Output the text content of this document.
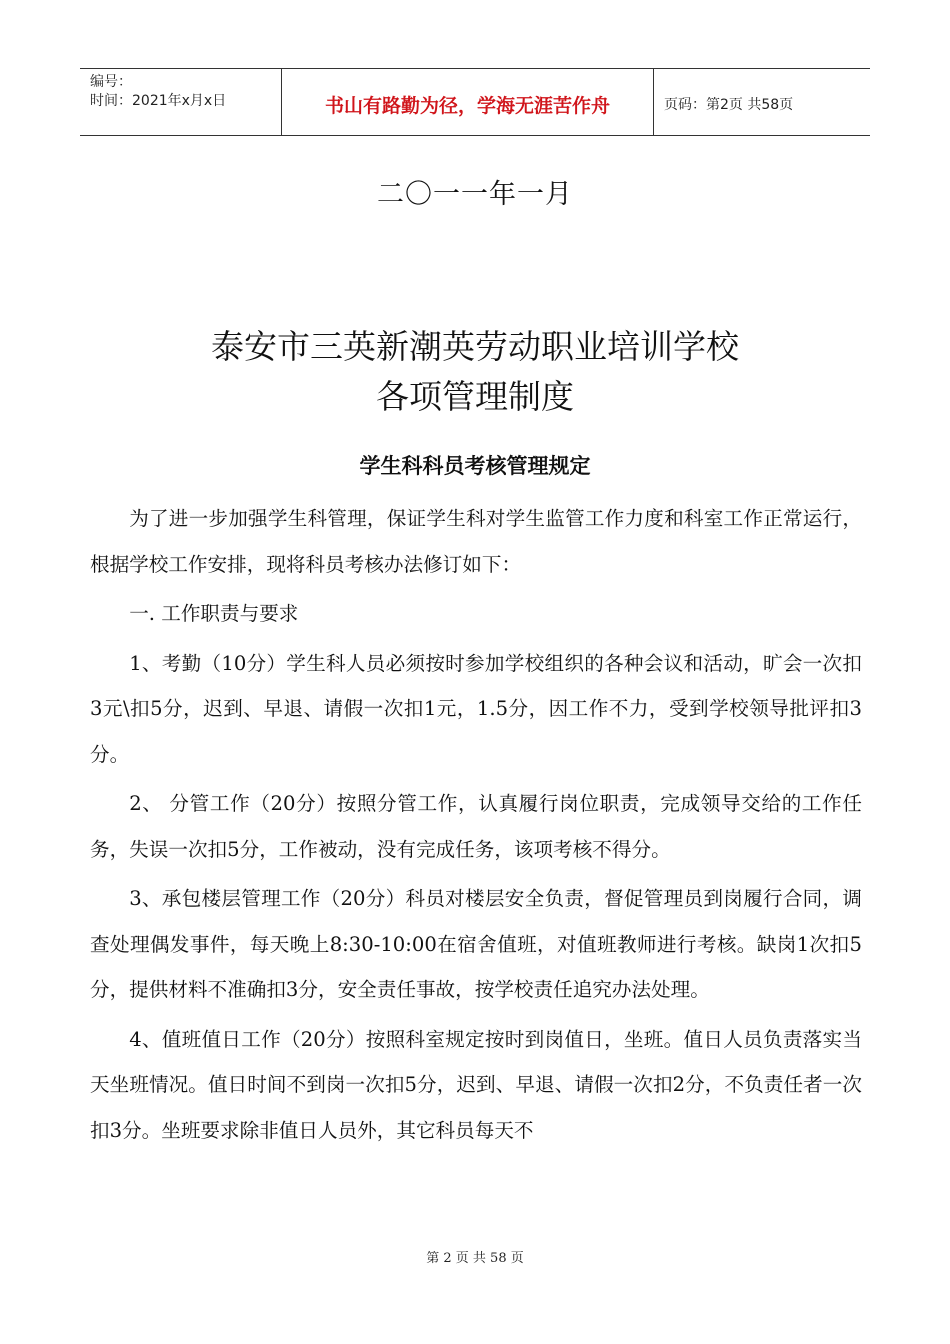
编号：
时间：2021年x月x日	书山有路勤为径，学海无涯苦作舟	页码：第2页 共58页
二〇一一年一月
泰安市三英新潮英劳动职业培训学校
各项管理制度
学生科科员考核管理规定

为了进一步加强学生科管理，保证学生科对学生监管工作力度和科室工作正常运行，根据学校工作安排，现将科员考核办法修订如下：

一. 工作职责与要求

1、考勤（10分）学生科人员必须按时参加学校组织的各种会议和活动，旷会一次扣3元\扣5分，迟到、早退、请假一次扣1元，1.5分，因工作不力，受到学校领导批评扣3分。

2、 分管工作（20分）按照分管工作，认真履行岗位职责，完成领导交给的工作任务，失误一次扣5分，工作被动，没有完成任务，该项考核不得分。

3、承包楼层管理工作（20分）科员对楼层安全负责，督促管理员到岗履行合同，调查处理偶发事件，每天晚上8:30-10:00在宿舍值班，对值班教师进行考核。缺岗1次扣5分，提供材料不准确扣3分，安全责任事故，按学校责任追究办法处理。

4、值班值日工作（20分）按照科室规定按时到岗值日，坐班。值日人员负责落实当天坐班情况。值日时间不到岗一次扣5分，迟到、早退、请假一次扣2分，不负责任者一次扣3分。坐班要求除非值日人员外，其它科员每天不

第 2 页 共 58 页
